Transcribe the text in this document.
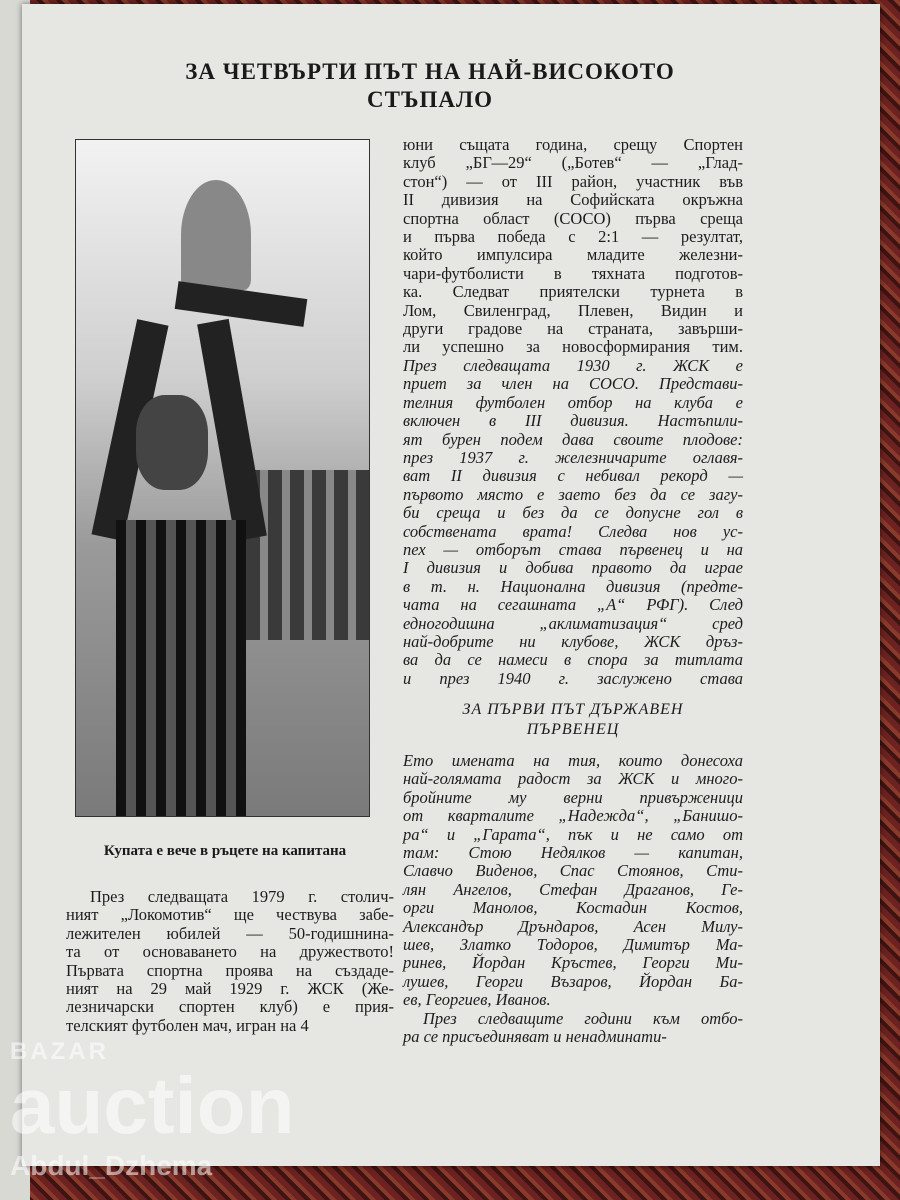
ЗА ЧЕТВЪРТИ ПЪТ НА НАЙ-ВИСОКОТО
СТЪПАЛО
Купата е вече в ръцете на капитана
През следващата 1979 г. столич-
ният „Локомотив“ ще чествува забе-
лежителен юбилей — 50-годишнина-
та от основаването на дружеството!
Първата спортна проява на създаде-
ният на 29 май 1929 г. ЖСК (Же-
лезничарски спортен клуб) е прия-
телският футболен мач, игран на 4
юни същата година, срещу Спортен
клуб „БГ—29“ („Ботев“ — „Глад-
стон“) — от III район, участник във
II дивизия на Софийската окръжна
спортна област (СОСО) първа среща
и първа победа с 2:1 — резултат,
който импулсира младите железни-
чари-футболисти в тяхната подготов-
ка. Следват приятелски турнета в
Лом, Свиленград, Плевен, Видин и
други градове на страната, завърши-
ли успешно за новосформирания тим.
През следващата 1930 г. ЖСК е
приет за член на СОСО. Представи-
телния футболен отбор на клуба е
включен в III дивизия. Настъпили-
ят бурен подем дава своите плодове:
през 1937 г. железничарите оглавя-
ват II дивизия с небивал рекорд —
първото място е заето без да се загу-
би среща и без да се допусне гол в
собствената врата! Следва нов ус-
пех — отборът става първенец и на
I дивизия и добива правото да играе
в т. н. Национална дивизия (предте-
чата на сегашната „А“ РФГ). След
едногодишна „аклиматизация“ сред
най-добрите ни клубове, ЖСК дръз-
ва да се намеси в спора за титлата
и през 1940 г. заслужено става
ЗА ПЪРВИ ПЪТ ДЪРЖАВЕН
ПЪРВЕНЕЦ
Ето имената на тия, които донесоха
най-голямата радост за ЖСК и много-
бройните му верни привърженици
от кварталите „Надежда“, „Банишо-
ра“ и „Гарата“, пък и не само от
там: Стою Недялков — капитан,
Славчо Виденов, Спас Стоянов, Сти-
лян Ангелов, Стефан Драганов, Ге-
орги Манолов, Костадин Костов,
Александър Дръндаров, Асен Милу-
шев, Златко Тодоров, Димитър Ма-
ринев, Йордан Кръстев, Георги Ми-
лушев, Георги Възаров, Йордан Ба-
ев, Георгиев, Иванов.
През следващите години към отбо-
ра се присъединяват и ненадминати-
BAZAR
auction
Abdul_Dzhema
